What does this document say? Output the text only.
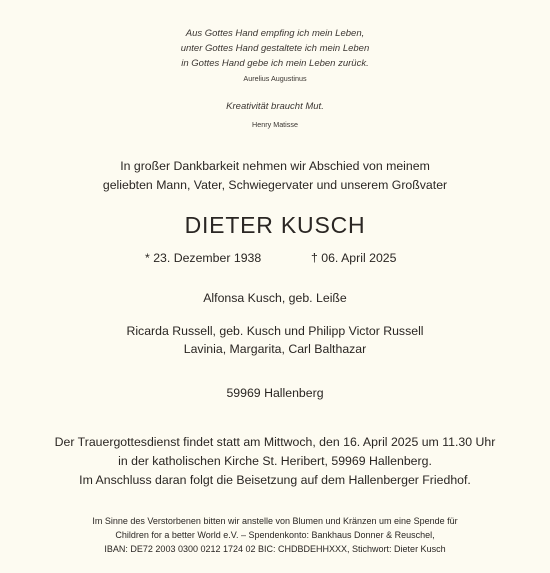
Aus Gottes Hand empfing ich mein Leben,
unter Gottes Hand gestaltete ich mein Leben
in Gottes Hand gebe ich mein Leben zurück.
Aurelius Augustinus
Kreativität braucht Mut.
Henry Matisse
In großer Dankbarkeit nehmen wir Abschied von meinem
geliebten Mann, Vater, Schwiegervater und unserem Großvater
DIETER KUSCH
* 23. Dezember 1938	† 06. April 2025
Alfonsa Kusch, geb. Leiße
Ricarda Russell, geb. Kusch und Philipp Victor Russell
Lavinia, Margarita, Carl Balthazar
59969 Hallenberg
Der Trauergottesdienst findet statt am Mittwoch, den 16. April 2025 um 11.30 Uhr
in der katholischen Kirche St. Heribert, 59969 Hallenberg.
Im Anschluss daran folgt die Beisetzung auf dem Hallenberger Friedhof.
Im Sinne des Verstorbenen bitten wir anstelle von Blumen und Kränzen um eine Spende für
Children for a better World e.V. – Spendenkonto: Bankhaus Donner & Reuschel,
IBAN: DE72 2003 0300 0212 1724 02 BIC: CHDBDEHHXXX, Stichwort: Dieter Kusch
